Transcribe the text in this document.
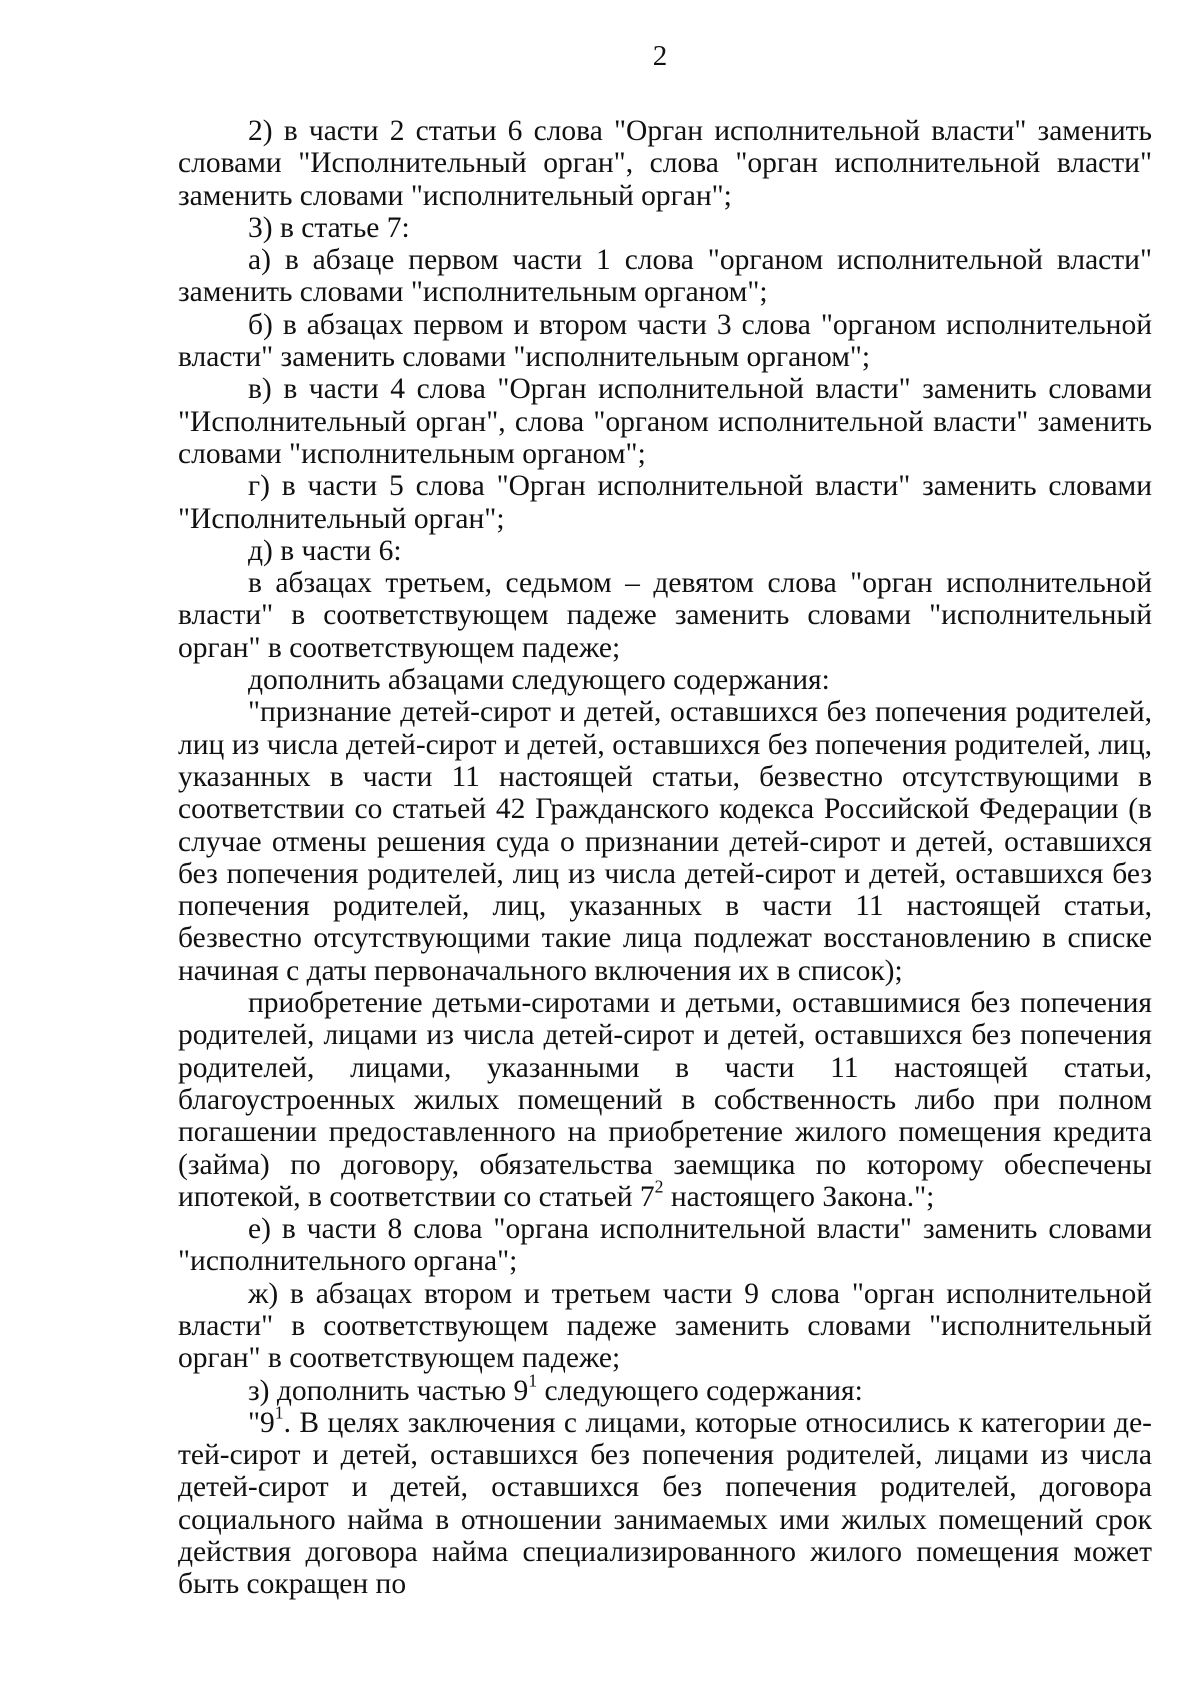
2

2) в части 2 статьи 6 слова "Орган исполнительной власти" заменить словами "Исполнительный орган", слова "орган исполнительной власти" заменить словами "исполнительный орган";

3) в статье 7:

а) в абзаце первом части 1 слова "органом исполнительной власти" заменить словами "исполнительным органом";

б) в абзацах первом и втором части 3 слова "органом исполнительной власти" заменить словами "исполнительным органом";

в) в части 4 слова "Орган исполнительной власти" заменить словами "Исполнительный орган", слова "органом исполнительной власти" заменить словами "исполнительным органом";

г) в части 5 слова "Орган исполнительной власти" заменить словами "Исполнительный орган";

д) в части 6:

в абзацах третьем, седьмом – девятом слова "орган исполнительной власти" в соответствующем падеже заменить словами "исполнительный орган" в соответствующем падеже;

дополнить абзацами следующего содержания:

"признание детей-сирот и детей, оставшихся без попечения родителей, лиц из числа детей-сирот и детей, оставшихся без попечения родителей, лиц, указанных в части 11 настоящей статьи, безвестно отсутствующими в соответствии со статьей 42 Гражданского кодекса Российской Федерации (в случае отмены решения суда о признании детей-сирот и детей, оставшихся без попечения родителей, лиц из числа детей-сирот и детей, оставшихся без попечения родителей, лиц, указанных в части 11 настоящей статьи, безвестно отсутствующими такие лица подлежат восстановлению в списке начиная с даты первоначального включения их в список);

приобретение детьми-сиротами и детьми, оставшимися без попечения родителей, лицами из числа детей-сирот и детей, оставшихся без попечения родителей, лицами, указанными в части 11 настоящей статьи, благоустроенных жилых помещений в собственность либо при полном погашении предоставленного на приобретение жилого помещения кредита (займа) по договору, обязательства заемщика по которому обеспечены ипотекой, в соответствии со статьей $7^2$ настоящего Закона.";

е) в части 8 слова "органа исполнительной власти" заменить словами "исполнительного органа";

ж) в абзацах втором и третьем части 9 слова "орган исполнительной власти" в соответствующем падеже заменить словами "исполнительный орган" в соответствующем падеже;

з) дополнить частью $9^1$ следующего содержания:

"$9^1$. В целях заключения с лицами, которые относились к категории детей-сирот и детей, оставшихся без попечения родителей, лицами из числа детей-сирот и детей, оставшихся без попечения родителей, договора социального найма в отношении занимаемых ими жилых помещений срок действия договора найма специализированного жилого помещения может быть сокращен по
